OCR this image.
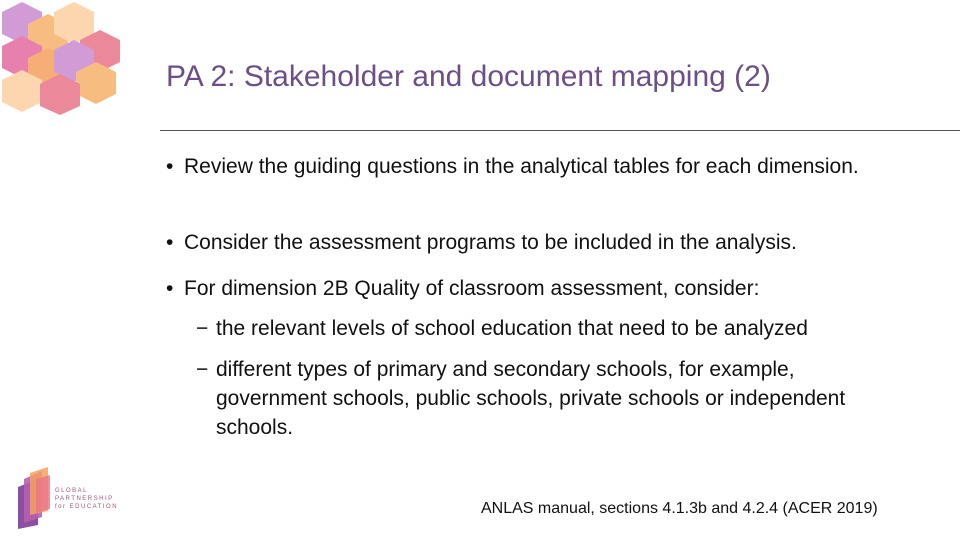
PA 2: Stakeholder and document mapping (2)
• Review the guiding questions in the analytical tables for each dimension.
• Consider the assessment programs to be included in the analysis.
• For dimension 2B Quality of classroom assessment, consider:
− the relevant levels of school education that need to be analyzed
− different types of primary and secondary schools, for example, government schools, public schools, private schools or independent schools.
GLOBAL
PARTNERSHIP
for EDUCATION	ANLAS manual, sections 4.1.3b and 4.2.4 (ACER 2019)
